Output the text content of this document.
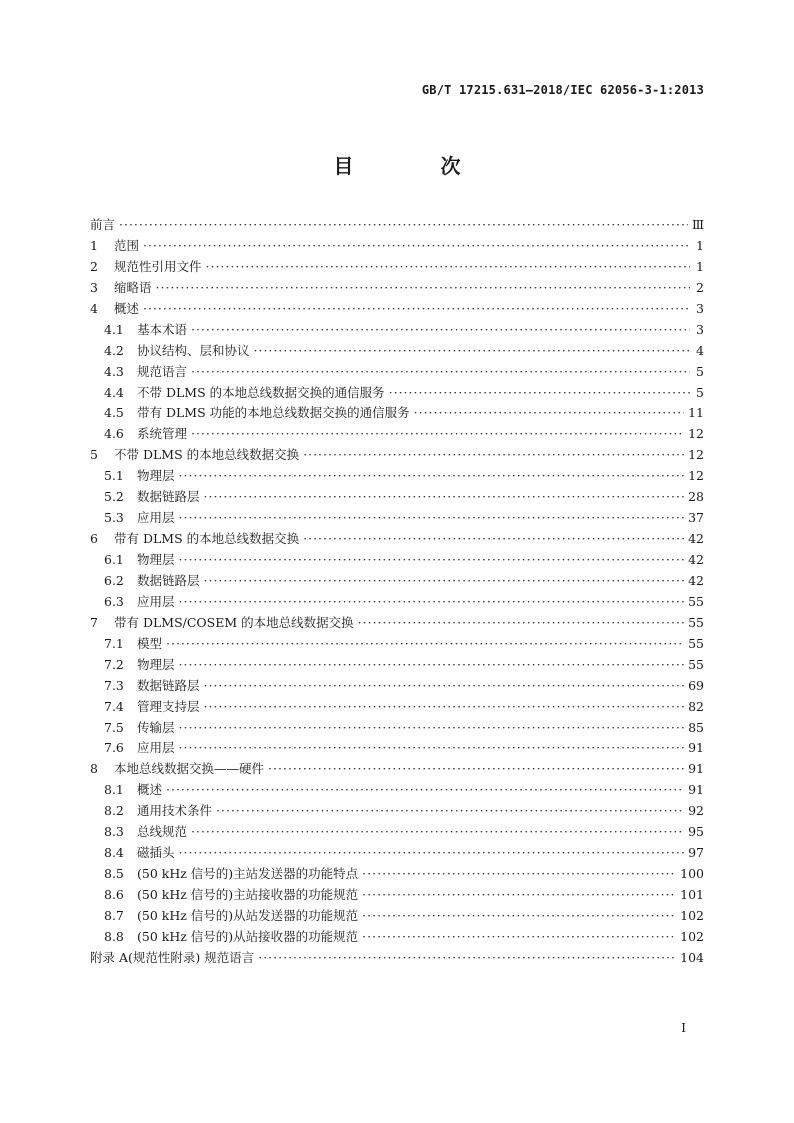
GB/T 17215.631—2018/IEC 62056-3-1:2013
目 次
前言 ·····	Ⅲ
1	范围 ·····	1
2	规范性引用文件 ·····	1
3	缩略语 ·····	2
4	概述 ·····	3
4.1	基本术语 ·····	3
4.2	协议结构、层和协议 ·····	4
4.3	规范语言 ·····	5
4.4	不带 DLMS 的本地总线数据交换的通信服务 ·····	5
4.5	带有 DLMS 功能的本地总线数据交换的通信服务 ·····	11
4.6	系统管理 ·····	12
5	不带 DLMS 的本地总线数据交换 ·····	12
5.1	物理层 ·····	12
5.2	数据链路层 ·····	28
5.3	应用层 ·····	37
6	带有 DLMS 的本地总线数据交换 ·····	42
6.1	物理层 ·····	42
6.2	数据链路层 ·····	42
6.3	应用层 ·····	55
7	带有 DLMS/COSEM 的本地总线数据交换 ·····	55
7.1	模型 ·····	55
7.2	物理层 ·····	55
7.3	数据链路层 ·····	69
7.4	管理支持层 ·····	82
7.5	传输层 ·····	85
7.6	应用层 ·····	91
8	本地总线数据交换——硬件 ·····	91
8.1	概述 ·····	91
8.2	通用技术条件 ·····	92
8.3	总线规范 ·····	95
8.4	磁插头 ·····	97
8.5	(50 kHz 信号的)主站发送器的功能特点 ·····	100
8.6	(50 kHz 信号的)主站接收器的功能规范 ·····	101
8.7	(50 kHz 信号的)从站发送器的功能规范 ·····	102
8.8	(50 kHz 信号的)从站接收器的功能规范 ·····	102
附录 A(规范性附录) 规范语言 ·····	104
I
